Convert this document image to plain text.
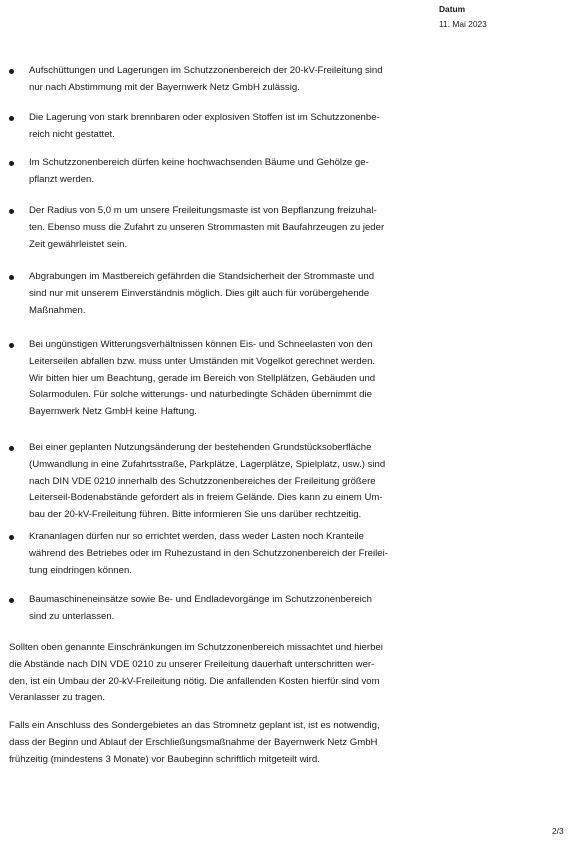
Datum
11. Mai 2023
Aufschüttungen und Lagerungen im Schutzzonenbereich der 20-kV-Freileitung sind
nur nach Abstimmung mit der Bayernwerk Netz GmbH zulässig.
Die Lagerung von stark brennbaren oder explosiven Stoffen ist im Schutzzonenbe-
reich nicht gestattet.
Im Schutzzonenbereich dürfen keine hochwachsenden Bäume und Gehölze ge-
pflanzt werden.
Der Radius von 5,0 m um unsere Freileitungsmaste ist von Bepflanzung freizuhal-
ten. Ebenso muss die Zufahrt zu unseren Strommasten mit Baufahrzeugen zu jeder
Zeit gewährleistet sein.
Abgrabungen im Mastbereich gefährden die Standsicherheit der Strommaste und
sind nur mit unserem Einverständnis möglich. Dies gilt auch für vorübergehende
Maßnahmen.
Bei ungünstigen Witterungsverhältnissen können Eis- und Schneelasten von den
Leiterseilen abfallen bzw. muss unter Umständen mit Vogelkot gerechnet werden.
Wir bitten hier um Beachtung, gerade im Bereich von Stellplätzen, Gebäuden und
Solarmodulen. Für solche witterungs- und naturbedingte Schäden übernimmt die
Bayernwerk Netz GmbH keine Haftung.
Bei einer geplanten Nutzungsänderung der bestehenden Grundstücksoberfläche
(Umwandlung in eine Zufahrtsstraße, Parkplätze, Lagerplätze, Spielplatz, usw.) sind
nach DIN VDE 0210 innerhalb des Schutzzonenbereiches der Freileitung größere
Leiterseil-Bodenabstände gefordert als in freiem Gelände. Dies kann zu einem Um-
bau der 20-kV-Freileitung führen. Bitte informieren Sie uns darüber rechtzeitig.
Krananlagen dürfen nur so errichtet werden, dass weder Lasten noch Kranteile
während des Betriebes oder im Ruhezustand in den Schutzzonenbereich der Freilei-
tung eindringen können.
Baumaschineneinsätze sowie Be- und Endladevorgänge im Schutzzonenbereich
sind zu unterlassen.
Sollten oben genannte Einschränkungen im Schutzzonenbereich missachtet und hierbei
die Abstände nach DIN VDE 0210 zu unserer Freileitung dauerhaft unterschritten wer-
den, ist ein Umbau der 20-kV-Freileitung nötig. Die anfallenden Kosten hierfür sind vom
Veranlasser zu tragen.
Falls ein Anschluss des Sondergebietes an das Stromnetz geplant ist, ist es notwendig,
dass der Beginn und Ablauf der Erschließungsmaßnahme der Bayernwerk Netz GmbH
frühzeitig (mindestens 3 Monate) vor Baubeginn schriftlich mitgeteilt wird.
2/3
